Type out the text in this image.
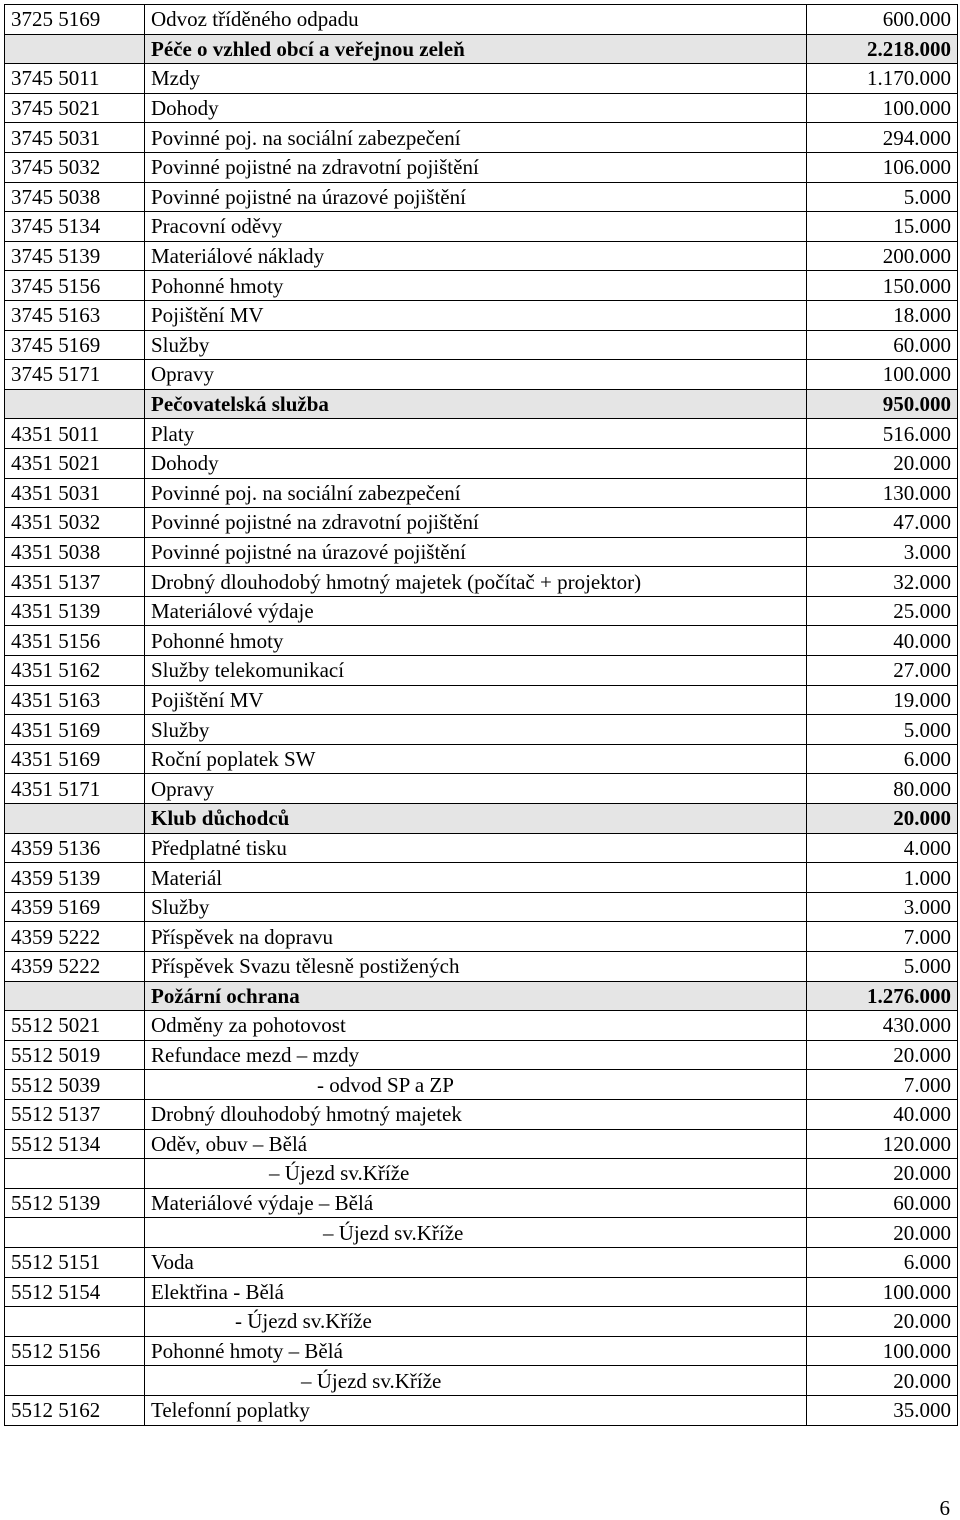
3725 5169	Odvoz tříděného odpadu	600.000
	Péče o vzhled obcí a veřejnou zeleň	2.218.000
3745 5011	Mzdy	1.170.000
3745 5021	Dohody	100.000
3745 5031	Povinné poj. na sociální zabezpečení	294.000
3745 5032	Povinné pojistné na zdravotní pojištění	106.000
3745 5038	Povinné pojistné na úrazové pojištění	5.000
3745 5134	Pracovní oděvy	15.000
3745 5139	Materiálové náklady	200.000
3745 5156	Pohonné hmoty	150.000
3745 5163	Pojištění MV	18.000
3745 5169	Služby	60.000
3745 5171	Opravy	100.000
	Pečovatelská služba	950.000
4351 5011	Platy	516.000
4351 5021	Dohody	20.000
4351 5031	Povinné poj. na sociální zabezpečení	130.000
4351 5032	Povinné pojistné na zdravotní pojištění	47.000
4351 5038	Povinné pojistné na úrazové pojištění	3.000
4351 5137	Drobný dlouhodobý hmotný majetek (počítač + projektor)	32.000
4351 5139	Materiálové výdaje	25.000
4351 5156	Pohonné hmoty	40.000
4351 5162	Služby telekomunikací	27.000
4351 5163	Pojištění MV	19.000
4351 5169	Služby	5.000
4351 5169	Roční poplatek SW	6.000
4351 5171	Opravy	80.000
	Klub důchodců	20.000
4359 5136	Předplatné tisku	4.000
4359 5139	Materiál	1.000
4359 5169	Služby	3.000
4359 5222	Příspěvek na dopravu	7.000
4359 5222	Příspěvek Svazu tělesně postižených	5.000
	Požární ochrana	1.276.000
5512 5021	Odměny za pohotovost	430.000
5512 5019	Refundace mezd – mzdy	20.000
5512 5039	- odvod SP a ZP	7.000
5512 5137	Drobný dlouhodobý hmotný majetek	40.000
5512 5134	Oděv, obuv – Bělá	120.000
	– Újezd sv.Kříže	20.000
5512 5139	Materiálové výdaje – Bělá	60.000
	– Újezd sv.Kříže	20.000
5512 5151	Voda	6.000
5512 5154	Elektřina - Bělá	100.000
	- Újezd sv.Kříže	20.000
5512 5156	Pohonné hmoty – Bělá	100.000
	– Újezd sv.Kříže	20.000
5512 5162	Telefonní poplatky	35.000
6
